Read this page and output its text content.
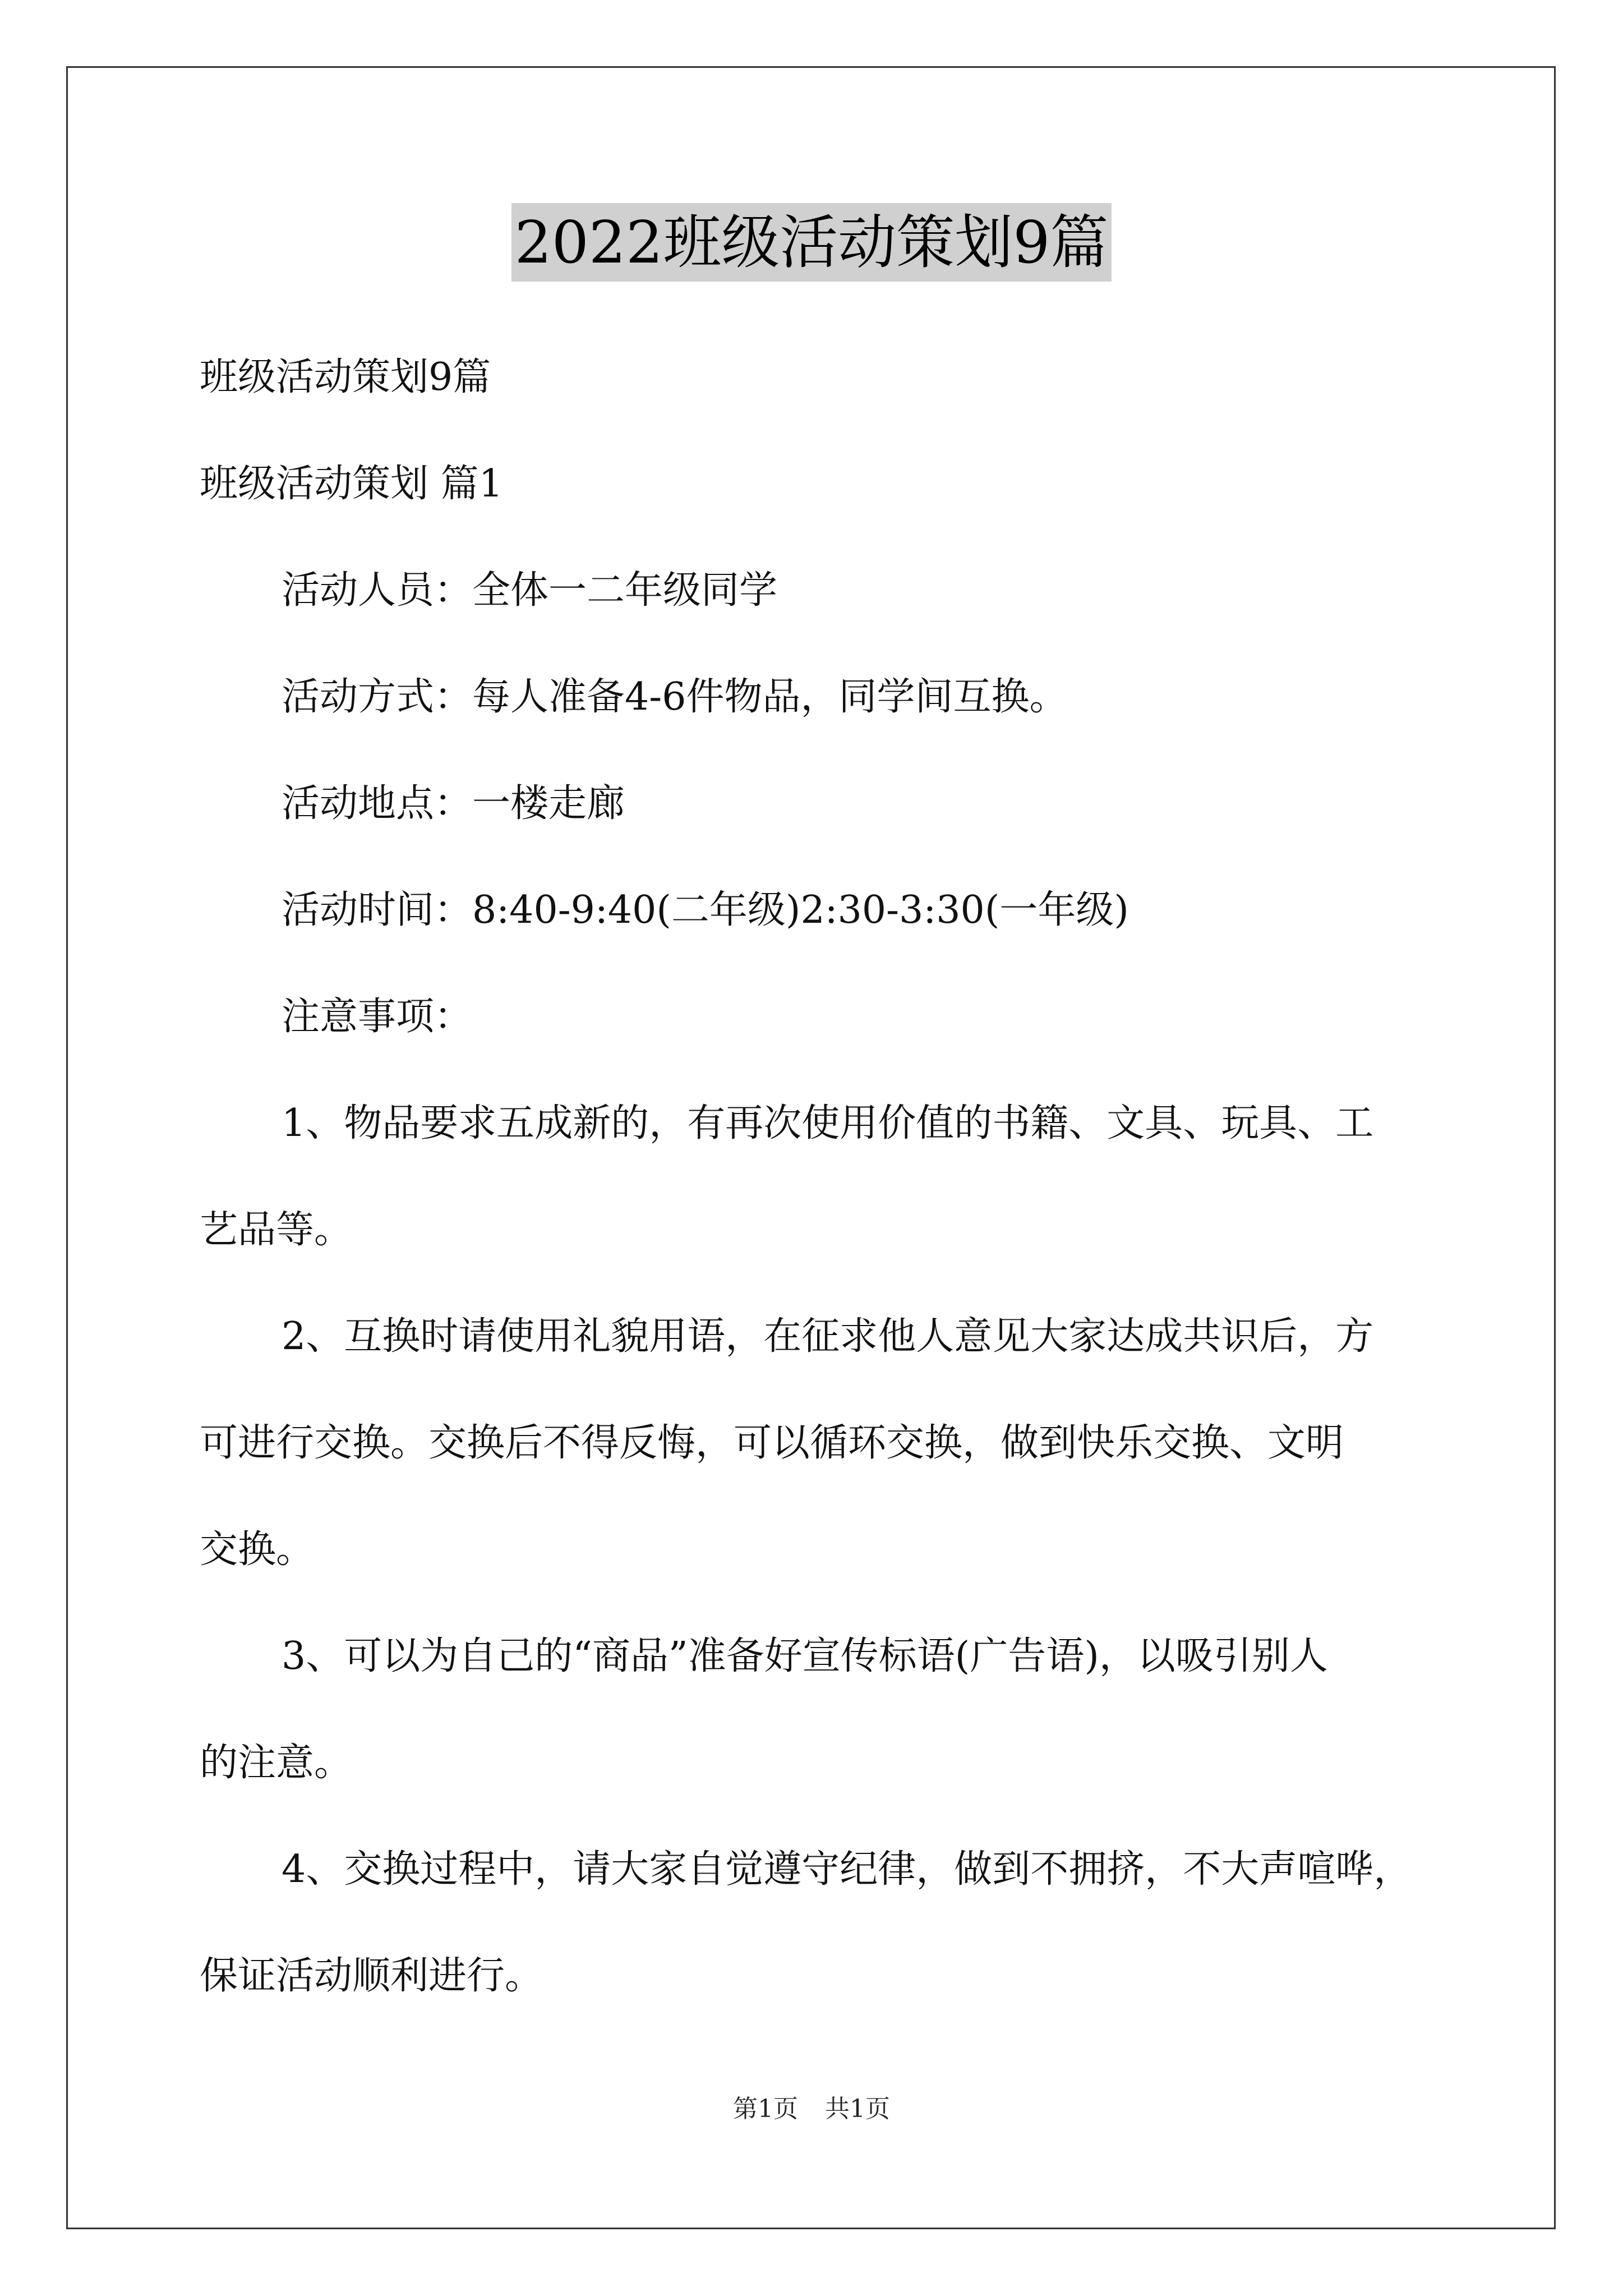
2022班级活动策划9篇
班级活动策划9篇
班级活动策划 篇1
活动人员：全体一二年级同学
活动方式：每人准备4-6件物品，同学间互换。
活动地点：一楼走廊
活动时间：8:40-9:40(二年级)2:30-3:30(一年级)
注意事项：
1、物品要求五成新的，有再次使用价值的书籍、文具、玩具、工
艺品等。
2、互换时请使用礼貌用语，在征求他人意见大家达成共识后，方
可进行交换。交换后不得反悔，可以循环交换，做到快乐交换、文明
交换。
3、可以为自己的“商品”准备好宣传标语(广告语)，以吸引别人
的注意。
4、交换过程中，请大家自觉遵守纪律，做到不拥挤，不大声喧哗，
保证活动顺利进行。
第1页 共1页
